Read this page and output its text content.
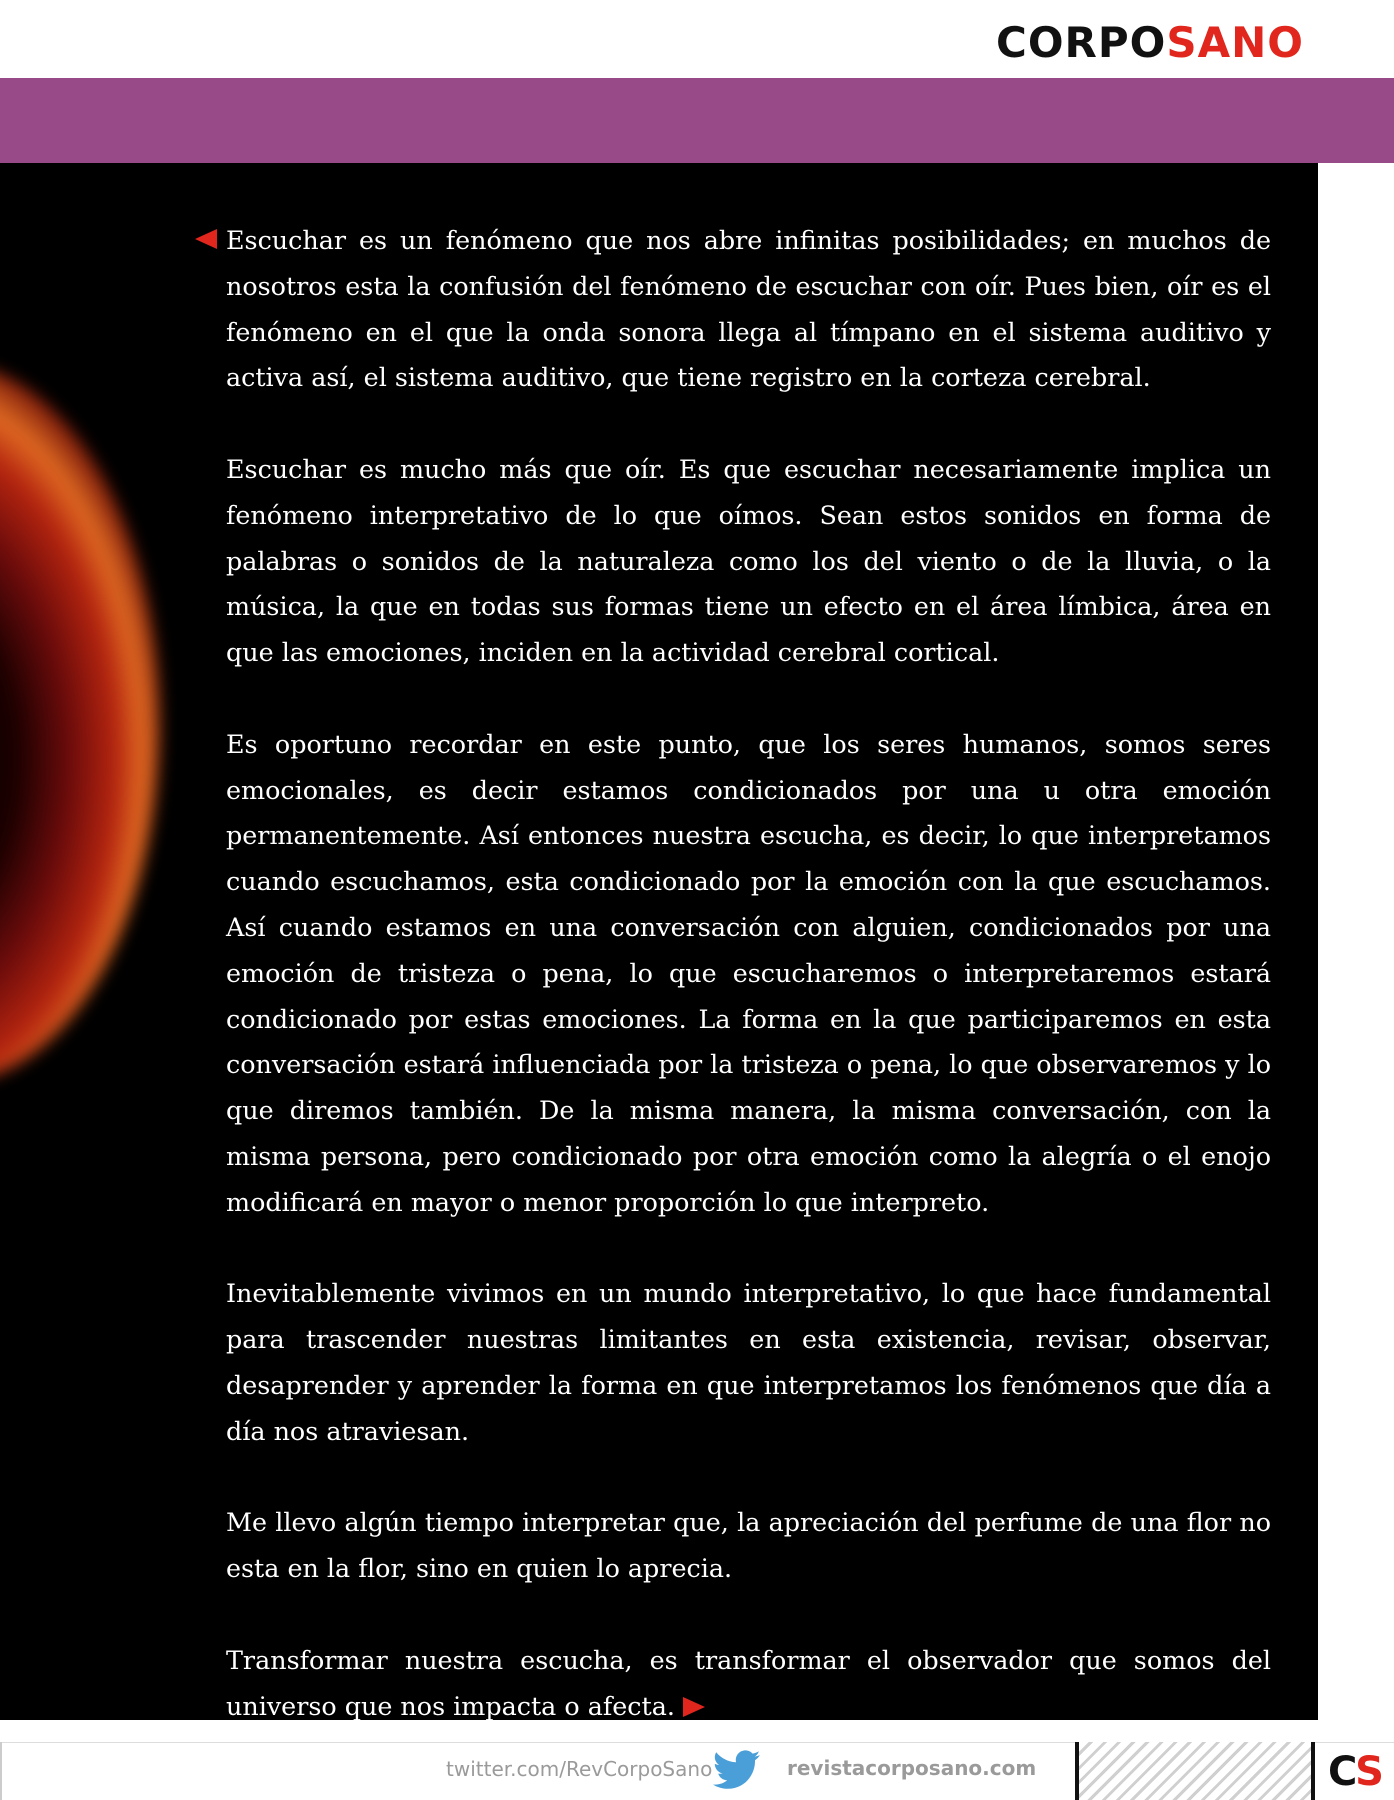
CORPOSANO

Escuchar es un fenómeno que nos abre infinitas posibilidades; en muchos de nosotros esta la confusión del fenómeno de escuchar con oír. Pues bien, oír es el fenómeno en el que la onda sonora llega al tímpano en el sistema auditivo y activa así, el sistema auditivo, que tiene registro en la corteza cerebral.

Escuchar es mucho más que oír. Es que escuchar necesariamente implica un fenómeno interpretativo de lo que oímos. Sean estos sonidos en forma de palabras o sonidos de la naturaleza como los del viento o de la lluvia, o la música, la que en todas sus formas tiene un efecto en el área límbica, área en que las emociones, inciden en la actividad cerebral cortical.

Es oportuno recordar en este punto, que los seres humanos, somos seres emocionales, es decir estamos condicionados por una u otra emoción permanentemente. Así entonces nuestra escucha, es decir, lo que interpretamos cuando escuchamos, esta condicionado por la emoción con la que escuchamos. Así cuando estamos en una conversación con alguien, condicionados por una emoción de tristeza o pena, lo que escucharemos o interpretaremos estará condicionado por estas emociones. La forma en la que participaremos en esta conversación estará influenciada por la tristeza o pena, lo que observaremos y lo que diremos también. De la misma manera, la misma conversación, con la misma persona, pero condicionado por otra emoción como la alegría o el enojo modificará en mayor o menor proporción lo que interpreto.

Inevitablemente vivimos en un mundo interpretativo, lo que hace fundamental para trascender nuestras limitantes en esta existencia, revisar, observar, desaprender y aprender la forma en que interpretamos los fenómenos que día a día nos atraviesan.

Me llevo algún tiempo interpretar que, la apreciación del perfume de una flor no esta en la flor, sino en quien lo aprecia.

Transformar nuestra escucha, es transformar el observador que somos del universo que nos impacta o afecta.

twitter.com/RevCorpoSano	revistacorposano.com	CS
